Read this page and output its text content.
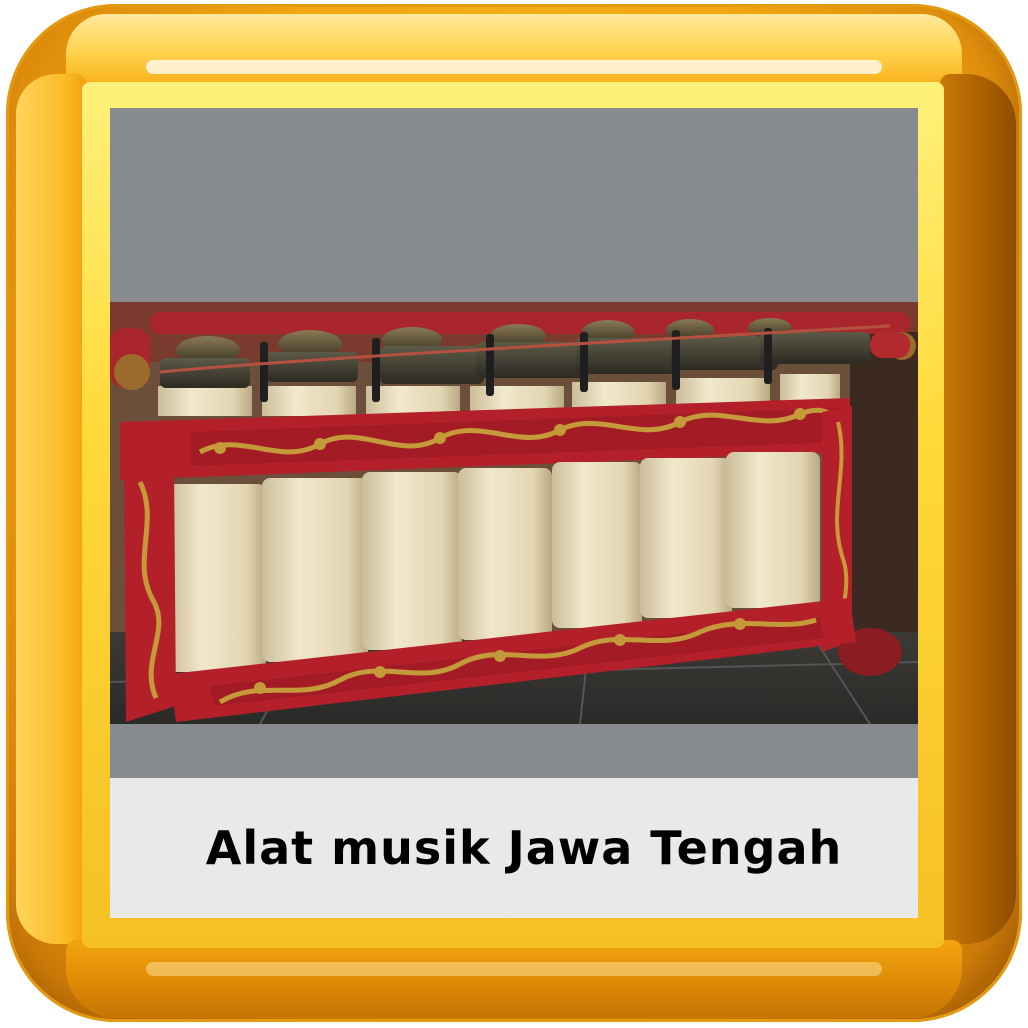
Alat musik Jawa Tengah
